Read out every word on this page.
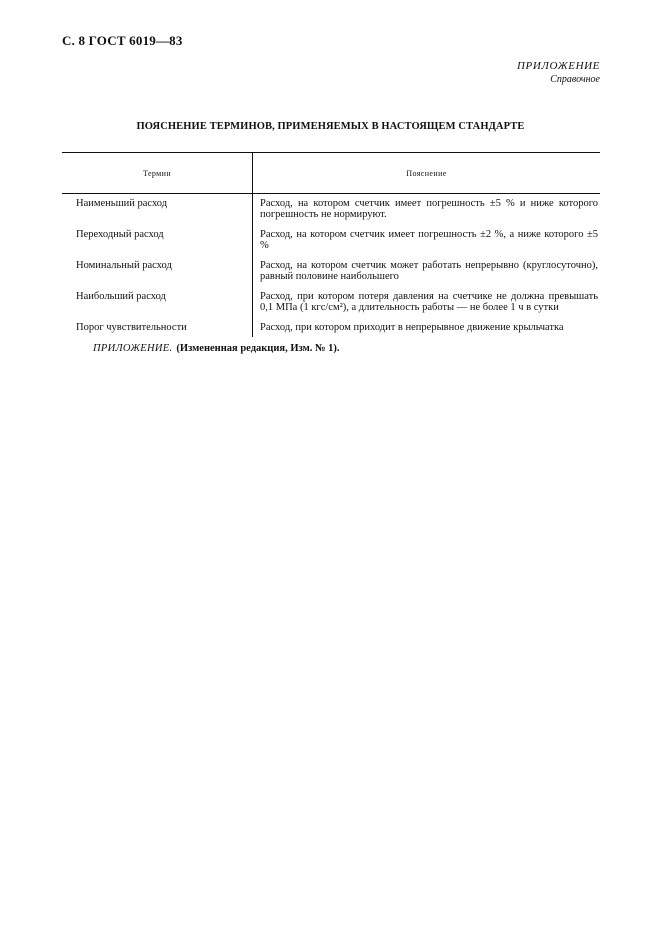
С. 8 ГОСТ 6019—83
ПРИЛОЖЕНИЕ
Справочное
ПОЯСНЕНИЕ ТЕРМИНОВ, ПРИМЕНЯЕМЫХ В НАСТОЯЩЕМ СТАНДАРТЕ
Термин	Пояснение
Наименьший расход	Расход, на котором счетчик имеет погрешность ±5 % и ниже которого погрешность не нормируют.
Переходный расход	Расход, на котором счетчик имеет погрешность ±2 %, а ниже которого ±5 %
Номинальный расход	Расход, на котором счетчик может работать непрерывно (круглосуточно), равный половине наибольшего
Наибольший расход	Расход, при котором потеря давления на счетчике не должна превышать 0,1 МПа (1 кгс/см²), а длительность работы — не более 1 ч в сутки
Порог чувствительности	Расход, при котором приходит в непрерывное движение крыльчатка
ПРИЛОЖЕНИЕ. (Измененная редакция, Изм. № 1).
